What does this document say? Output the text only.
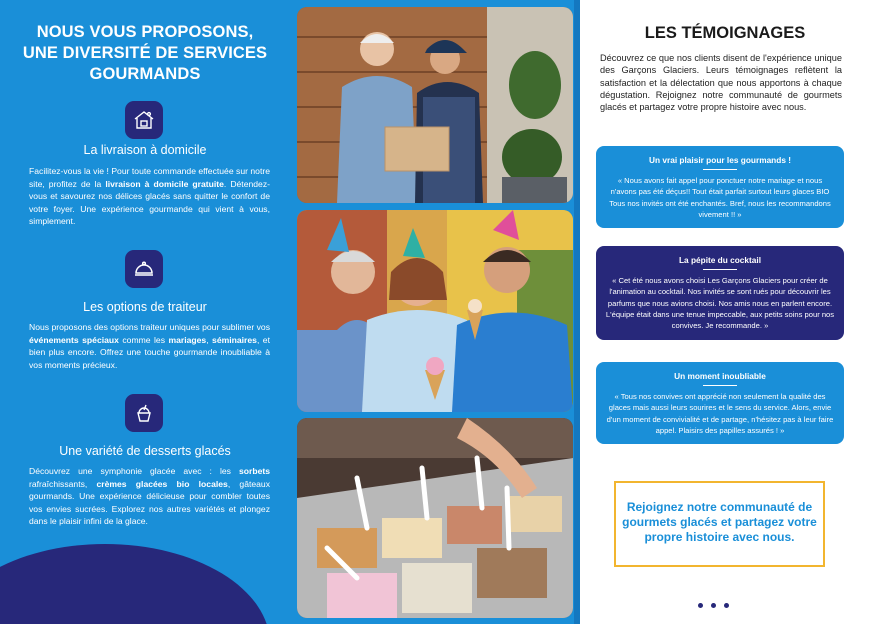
NOUS VOUS PROPOSONS, UNE DIVERSITÉ DE SERVICES GOURMANDS
La livraison à domicile
Facilitez-vous la vie ! Pour toute commande effectuée sur notre site, profitez de la livraison à domicile gratuite. Détendez-vous et savourez nos délices glacés sans quitter le confort de votre foyer. Une expérience gourmande qui vient à vous, simplement.
Les options de traiteur
Nous proposons des options traiteur uniques pour sublimer vos événements spéciaux comme les mariages, séminaires, et bien plus encore. Offrez une touche gourmande inoubliable à vos moments précieux.
Une variété de desserts glacés
Découvrez une symphonie glacée avec : les sorbets rafraîchissants, crèmes glacées bio locales, gâteaux gourmands. Une expérience délicieuse pour combler toutes vos envies sucrées. Explorez nos autres variétés et plongez dans le plaisir infini de la glace.
LES TÉMOIGNAGES
Découvrez ce que nos clients disent de l'expérience unique des Garçons Glaciers. Leurs témoignages reflètent la satisfaction et la délectation que nous apportons à chaque dégustation. Rejoignez notre communauté de gourmets glacés et partagez votre propre histoire avec nous.
Un vrai plaisir pour les gourmands !
« Nous avons fait appel pour ponctuer notre mariage et nous n'avons pas été déçus!! Tout était parfait surtout leurs glaces BIO Tous nos invités ont été enchantés. Bref, nous les recommandons vivement !! »
La pépite du cocktail
« Cet été nous avons choisi Les Garçons Glaciers pour créer de l'animation au cocktail. Nos invités se sont rués pour découvrir les parfums que nous avions choisi. Nos amis nous en parlent encore. L'équipe était dans une tenue impeccable, aux petits soins pour nos convives. Je recommande. »
Un moment inoubliable
« Tous nos convives ont apprécié non seulement la qualité des glaces mais aussi leurs sourires et le sens du service. Alors, envie d'un moment de convivialité et de partage, n'hésitez pas à leur faire appel. Plaisirs des papilles assurés ! »
Rejoignez notre communauté de gourmets glacés et partagez votre propre histoire avec nous.
